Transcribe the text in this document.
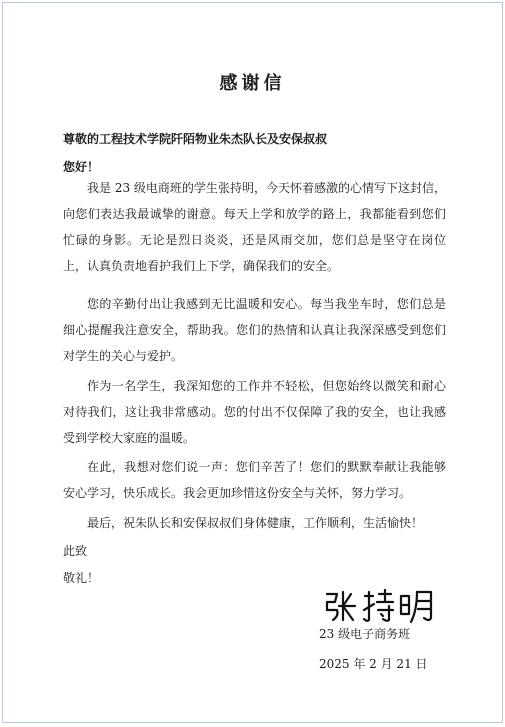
感谢信
尊敬的工程技术学院阡陌物业朱杰队长及安保叔叔
您好！

我是 23 级电商班的学生张持明，今天怀着感激的心情写下这封信，向您们表达我最诚挚的谢意。每天上学和放学的路上，我都能看到您们忙碌的身影。无论是烈日炎炎，还是风雨交加，您们总是坚守在岗位上，认真负责地看护我们上下学，确保我们的安全。

您的辛勤付出让我感到无比温暖和安心。每当我坐车时，您们总是细心提醒我注意安全，帮助我。您们的热情和认真让我深深感受到您们对学生的关心与爱护。

作为一名学生，我深知您的工作并不轻松，但您始终以微笑和耐心对待我们，这让我非常感动。您的付出不仅保障了我的安全，也让我感受到学校大家庭的温暖。

在此，我想对您们说一声：您们辛苦了！您们的默默奉献让我能够安心学习，快乐成长。我会更加珍惜这份安全与关怀，努力学习。

最后，祝朱队长和安保叔叔们身体健康，工作顺利，生活愉快！

此致
敬礼！
23 级电子商务班
2025 年 2 月 21 日
